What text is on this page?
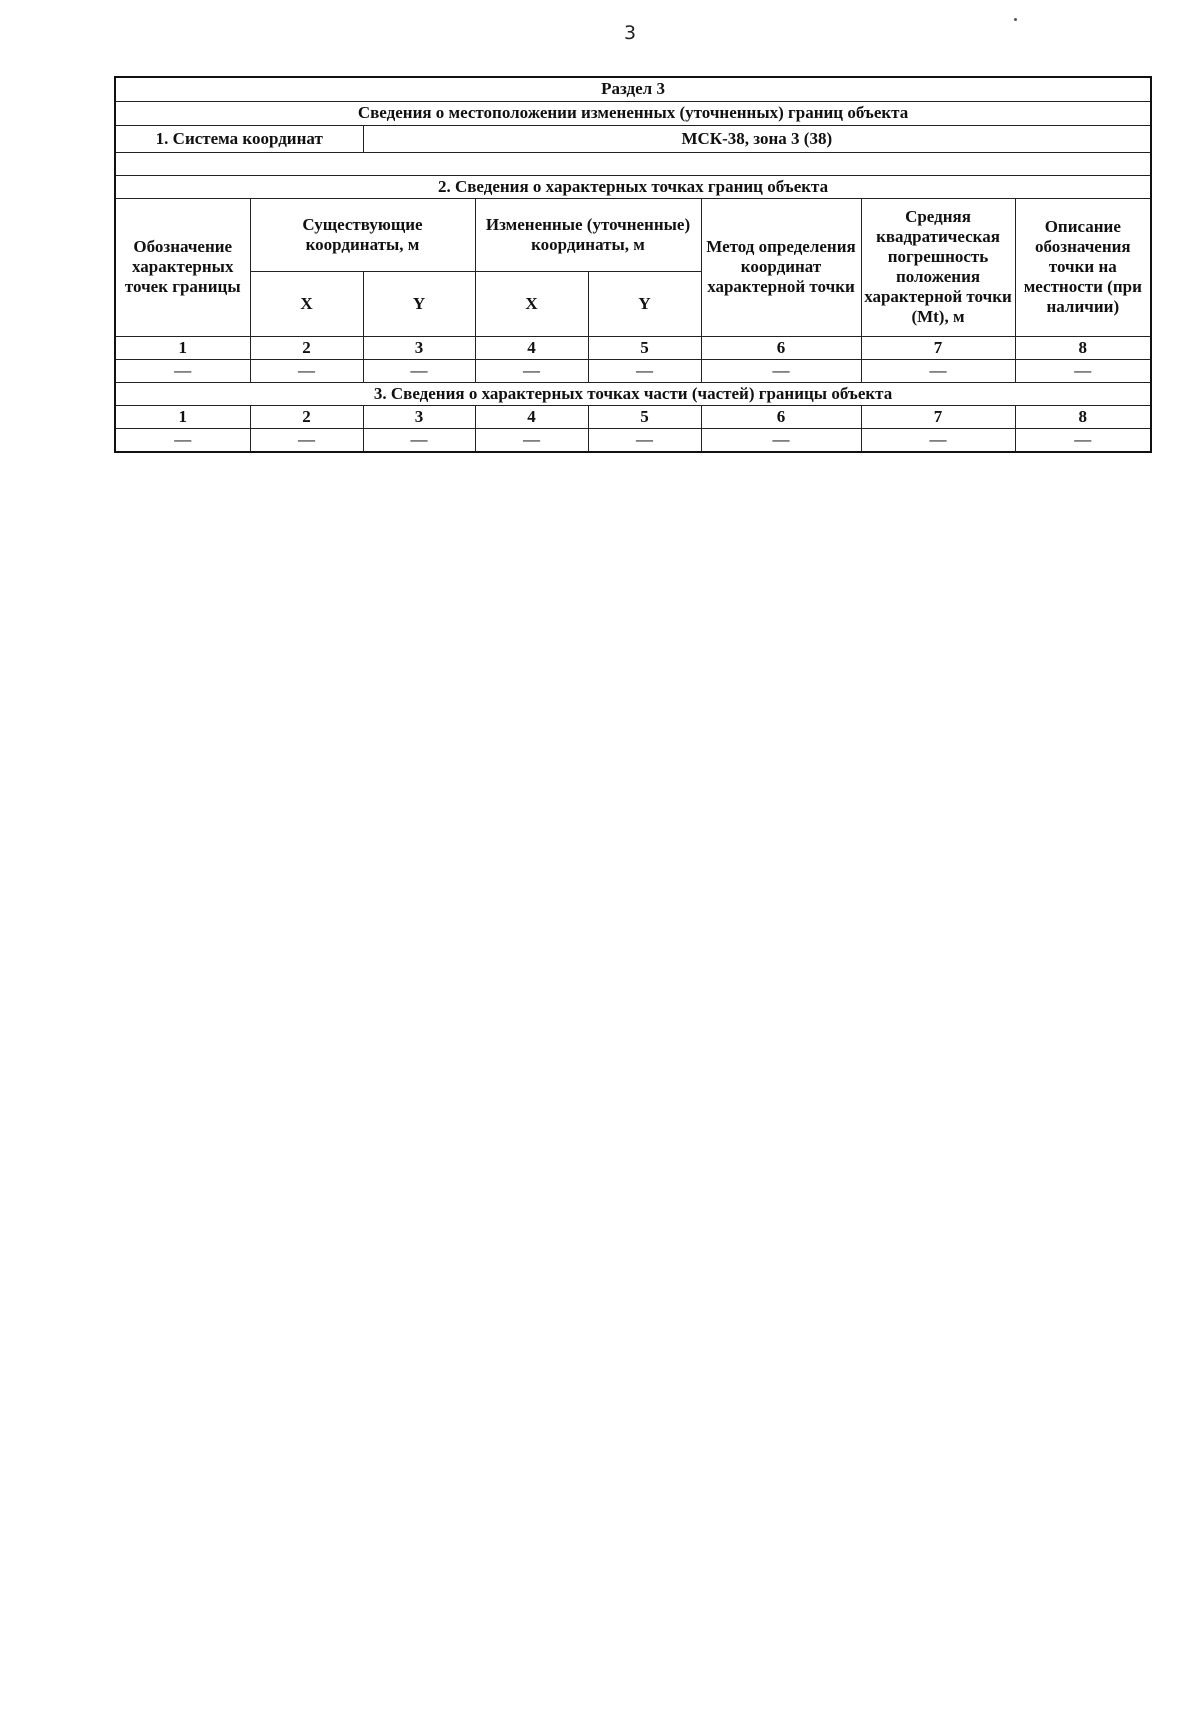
3
Раздел 3							
Сведения о местоположении измененных (уточненных) границ объекта							
1. Система координат		МСК-38, зона 3 (38)					

2. Сведения о характерных точках границ объекта							
Обозначение характерных точек границы	Существующие координаты, м		Измененные (уточненные) координаты, м		Метод определения координат характерной точки	Средняя квадратическая погрешность положения характерной точки (Mt), м	Описание обозначения точки на местности (при наличии)
	X	Y	X	Y			
1	2	3	4	5	6	7	8
—	—	—	—	—	—	—	—
3. Сведения о характерных точках части (частей) границы объекта							
1	2	3	4	5	6	7	8
—	—	—	—	—	—	—	—
